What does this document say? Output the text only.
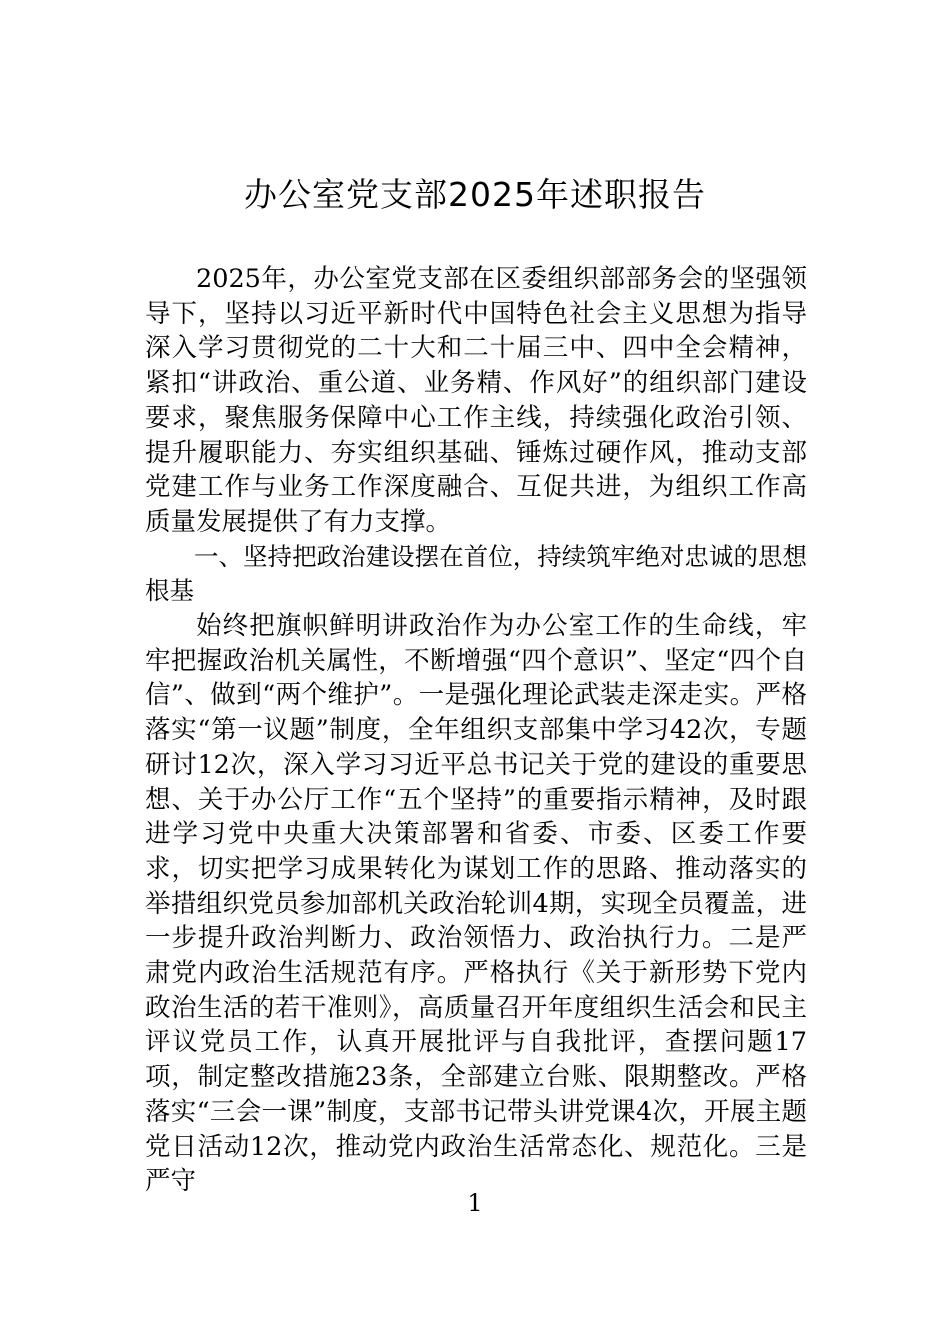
办公室党支部2025年述职报告

2025年，办公室党支部在区委组织部部务会的坚强领导下，坚持以习近平新时代中国特色社会主义思想为指导深入学习贯彻党的二十大和二十届三中、四中全会精神，紧扣“讲政治、重公道、业务精、作风好”的组织部门建设要求，聚焦服务保障中心工作主线，持续强化政治引领、提升履职能力、夯实组织基础、锤炼过硬作风，推动支部党建工作与业务工作深度融合、互促共进，为组织工作高质量发展提供了有力支撑。

一、坚持把政治建设摆在首位，持续筑牢绝对忠诚的思想根基

始终把旗帜鲜明讲政治作为办公室工作的生命线，牢牢把握政治机关属性，不断增强“四个意识”、坚定“四个自信”、做到“两个维护”。一是强化理论武装走深走实。严格落实“第一议题”制度，全年组织支部集中学习42次，专题研讨12次，深入学习习近平总书记关于党的建设的重要思想、关于办公厅工作“五个坚持”的重要指示精神，及时跟进学习党中央重大决策部署和省委、市委、区委工作要求，切实把学习成果转化为谋划工作的思路、推动落实的举措组织党员参加部机关政治轮训4期，实现全员覆盖，进一步提升政治判断力、政治领悟力、政治执行力。二是严肃党内政治生活规范有序。严格执行《关于新形势下党内政治生活的若干准则》，高质量召开年度组织生活会和民主评议党员工作，认真开展批评与自我批评，查摆问题17项，制定整改措施23条，全部建立台账、限期整改。严格落实“三会一课”制度，支部书记带头讲党课4次，开展主题党日活动12次，推动党内政治生活常态化、规范化。三是严守

1
